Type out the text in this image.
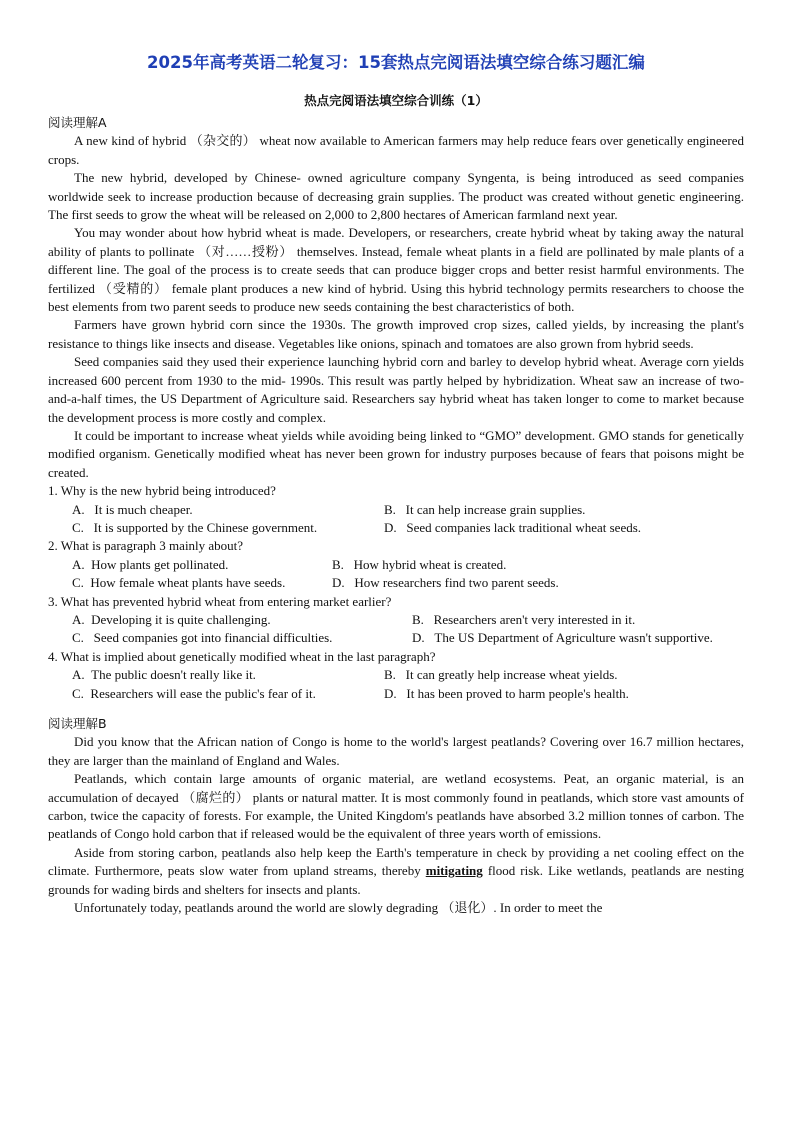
2025年高考英语二轮复习：15套热点完阅语法填空综合练习题汇编
热点完阅语法填空综合训练（1）
阅读理解A

A new kind of hybrid （杂交的） wheat now available to American farmers may help reduce fears over genetically engineered crops.

The new hybrid, developed by Chinese- owned agriculture company Syngenta, is being introduced as seed companies worldwide seek to increase production because of decreasing grain supplies. The product was created without genetic engineering. The first seeds to grow the wheat will be released on 2,000 to 2,800 hectares of American farmland next year.

You may wonder about how hybrid wheat is made. Developers, or researchers, create hybrid wheat by taking away the natural ability of plants to pollinate （对……授粉） themselves. Instead, female wheat plants in a field are pollinated by male plants of a different line. The goal of the process is to create seeds that can produce bigger crops and better resist harmful environments. The fertilized （受精的） female plant produces a new kind of hybrid. Using this hybrid technology permits researchers to choose the best elements from two parent seeds to produce new seeds containing the best characteristics of both.

Farmers have grown hybrid corn since the 1930s. The growth improved crop sizes, called yields, by increasing the plant's resistance to things like insects and disease. Vegetables like onions, spinach and tomatoes are also grown from hybrid seeds.

Seed companies said they used their experience launching hybrid corn and barley to develop hybrid wheat. Average corn yields increased 600 percent from 1930 to the mid- 1990s. This result was partly helped by hybridization. Wheat saw an increase of two- and-a-half times, the US Department of Agriculture said. Researchers say hybrid wheat has taken longer to come to market because the development process is more costly and complex.

It could be important to increase wheat yields while avoiding being linked to “GMO” development. GMO stands for genetically modified organism. Genetically modified wheat has never been grown for industry purposes because of fears that poisons might be created.

1. Why is the new hybrid being introduced?
A.   It is much cheaper.	B.   It can help increase grain supplies.
C.   It is supported by the Chinese government.	D.   Seed companies lack traditional wheat seeds.
2. What is paragraph 3 mainly about?
A.  How plants get pollinated.	B.   How hybrid wheat is created.
C.  How female wheat plants have seeds.	D.   How researchers find two parent seeds.
3. What has prevented hybrid wheat from entering market earlier?
A.  Developing it is quite challenging.	B.   Researchers aren't very interested in it.
C.   Seed companies got into financial difficulties.	D.   The US Department of Agriculture wasn't supportive.
4. What is implied about genetically modified wheat in the last paragraph?
A.  The public doesn't really like it.	B.   It can greatly help increase wheat yields.
C.  Researchers will ease the public's fear of it.	D.   It has been proved to harm people's health.
阅读理解B

Did you know that the African nation of Congo is home to the world's largest peatlands? Covering over 16.7 million hectares, they are larger than the mainland of England and Wales.

Peatlands, which contain large amounts of organic material, are wetland ecosystems. Peat, an organic material, is an accumulation of decayed （腐烂的） plants or natural matter. It is most commonly found in peatlands, which store vast amounts of carbon, twice the capacity of forests. For example, the United Kingdom's peatlands have absorbed 3.2 million tonnes of carbon. The peatlands of Congo hold carbon that if released would be the equivalent of three years worth of emissions.

Aside from storing carbon, peatlands also help keep the Earth's temperature in check by providing a net cooling effect on the climate. Furthermore, peats slow water from upland streams, thereby mitigating flood risk. Like wetlands, peatlands are nesting grounds for wading birds and shelters for insects and plants.

Unfortunately today, peatlands around the world are slowly degrading （退化）. In order to meet the
